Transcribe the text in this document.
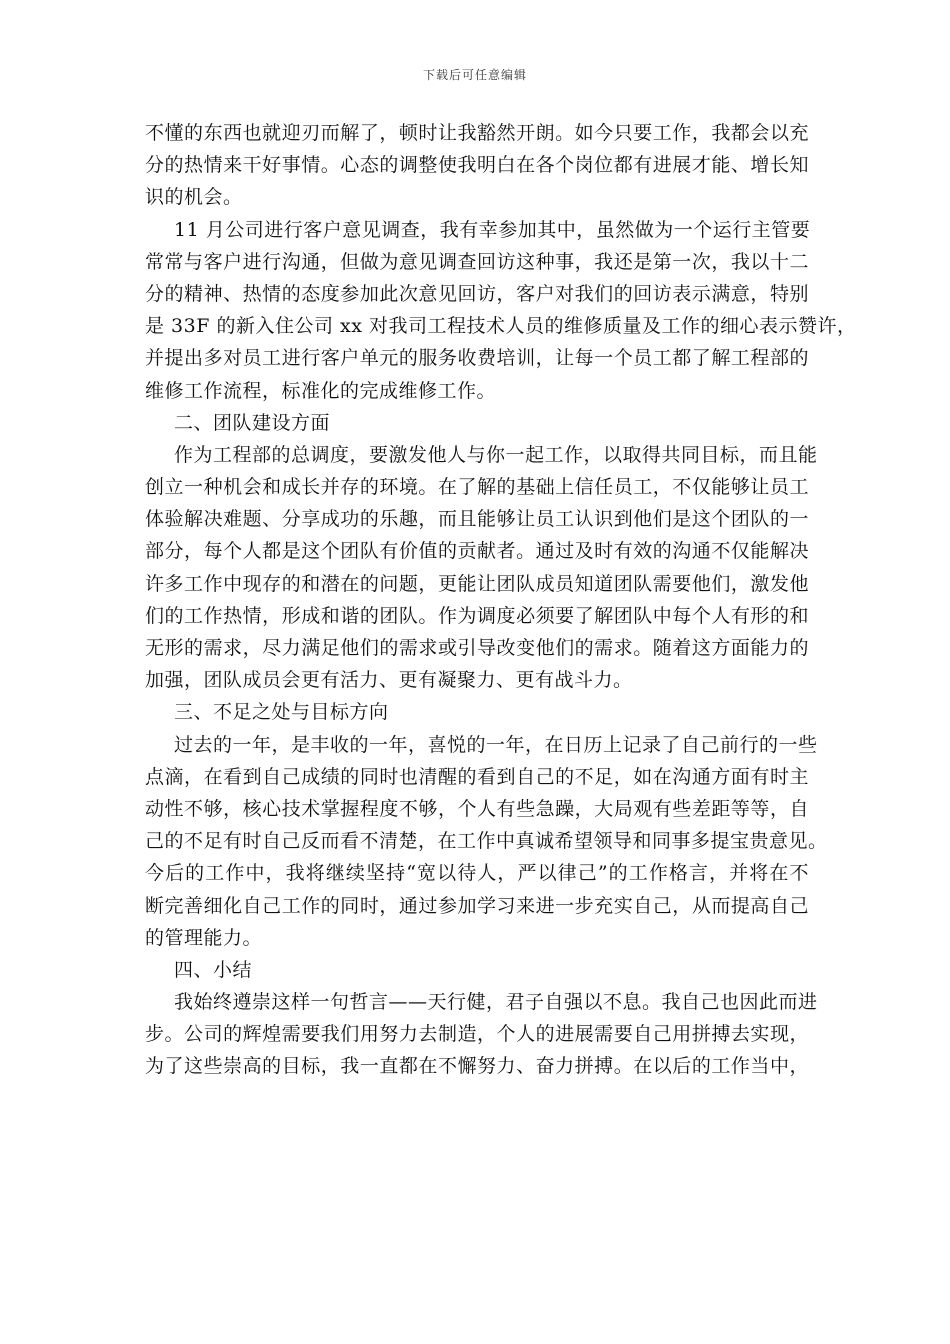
下载后可任意编辑
不懂的东西也就迎刃而解了，顿时让我豁然开朗。如今只要工作，我都会以充
分的热情来干好事情。心态的调整使我明白在各个岗位都有进展才能、增长知
识的机会。
11 月公司进行客户意见调查，我有幸参加其中，虽然做为一个运行主管要
常常与客户进行沟通，但做为意见调查回访这种事，我还是第一次，我以十二
分的精神、热情的态度参加此次意见回访，客户对我们的回访表示满意，特别
是 33F 的新入住公司 xx 对我司工程技术人员的维修质量及工作的细心表示赞许，
并提出多对员工进行客户单元的服务收费培训，让每一个员工都了解工程部的
维修工作流程，标准化的完成维修工作。
二、团队建设方面
作为工程部的总调度，要激发他人与你一起工作，以取得共同目标，而且能
创立一种机会和成长并存的环境。在了解的基础上信任员工，不仅能够让员工
体验解决难题、分享成功的乐趣，而且能够让员工认识到他们是这个团队的一
部分，每个人都是这个团队有价值的贡献者。通过及时有效的沟通不仅能解决
许多工作中现存的和潜在的问题，更能让团队成员知道团队需要他们，激发他
们的工作热情，形成和谐的团队。作为调度必须要了解团队中每个人有形的和
无形的需求，尽力满足他们的需求或引导改变他们的需求。随着这方面能力的
加强，团队成员会更有活力、更有凝聚力、更有战斗力。
三、不足之处与目标方向
过去的一年，是丰收的一年，喜悦的一年，在日历上记录了自己前行的一些
点滴，在看到自己成绩的同时也清醒的看到自己的不足，如在沟通方面有时主
动性不够，核心技术掌握程度不够，个人有些急躁，大局观有些差距等等，自
己的不足有时自己反而看不清楚，在工作中真诚希望领导和同事多提宝贵意见。
今后的工作中，我将继续坚持“宽以待人，严以律己”的工作格言，并将在不
断完善细化自己工作的同时，通过参加学习来进一步充实自己，从而提高自己
的管理能力。
四、小结
我始终遵崇这样一句哲言——天行健，君子自强以不息。我自己也因此而进
步。公司的辉煌需要我们用努力去制造，个人的进展需要自己用拼搏去实现，
为了这些崇高的目标，我一直都在不懈努力、奋力拼搏。在以后的工作当中，
